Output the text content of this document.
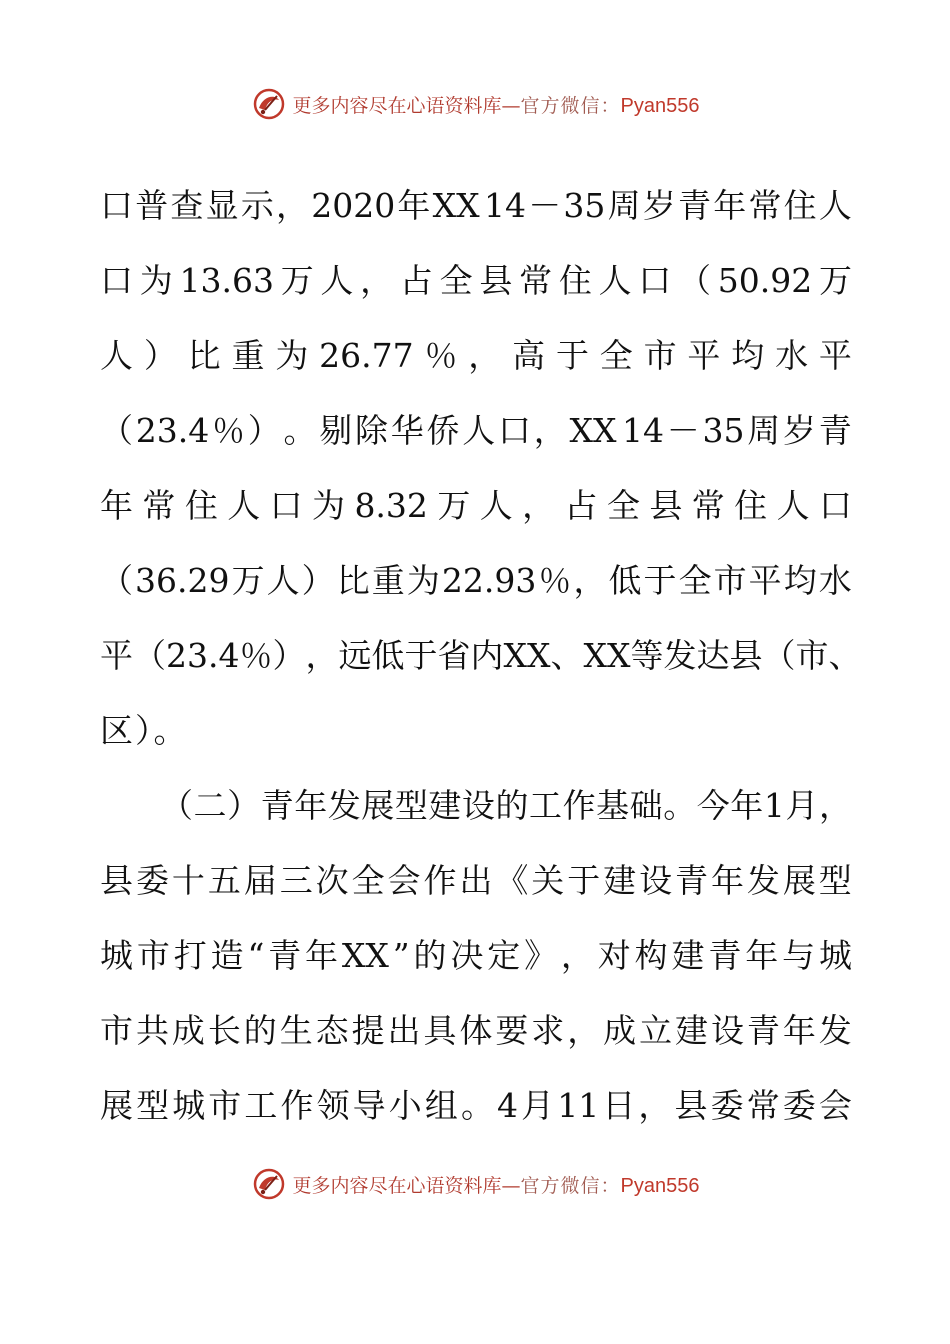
更多内容尽在心语资料库—官方微信：Pyan556
口 普 查 显 示 ， 2020 年 XX 14 － 35 周 岁 青 年 常 住 人
口 为 13.63 万 人 ， 占 全 县 常 住 人 口 （ 50.92 万
人 ） 比 重 为 26.77 ％ ， 高 于 全 市 平 均 水 平
（ 23.4 ％ ） 。 剔 除 华 侨 人 口 ， XX 14 － 35 周 岁 青
年 常 住 人 口 为 8.32 万 人 ， 占 全 县 常 住 人 口
（ 36.29 万 人 ） 比 重 为 22.93 ％ ， 低 于 全 市 平 均 水
平 （ 23.4 ％ ） ， 远 低 于 省 内 XX 、 XX 等 发 达 县 （ 市 、
区）。
（ 二 ） 青 年 发 展 型 建 设 的 工 作 基 础 。 今 年 1 月 ，
县 委 十 五 届 三 次 全 会 作 出 《 关 于 建 设 青 年 发 展 型
城 市 打 造 “ 青 年 XX ” 的 决 定 》 ， 对 构 建 青 年 与 城
市 共 成 长 的 生 态 提 出 具 体 要 求 ， 成 立 建 设 青 年 发
展 型 城 市 工 作 领 导 小 组 。 4 月 11 日 ， 县 委 常 委 会
更多内容尽在心语资料库—官方微信：Pyan556
